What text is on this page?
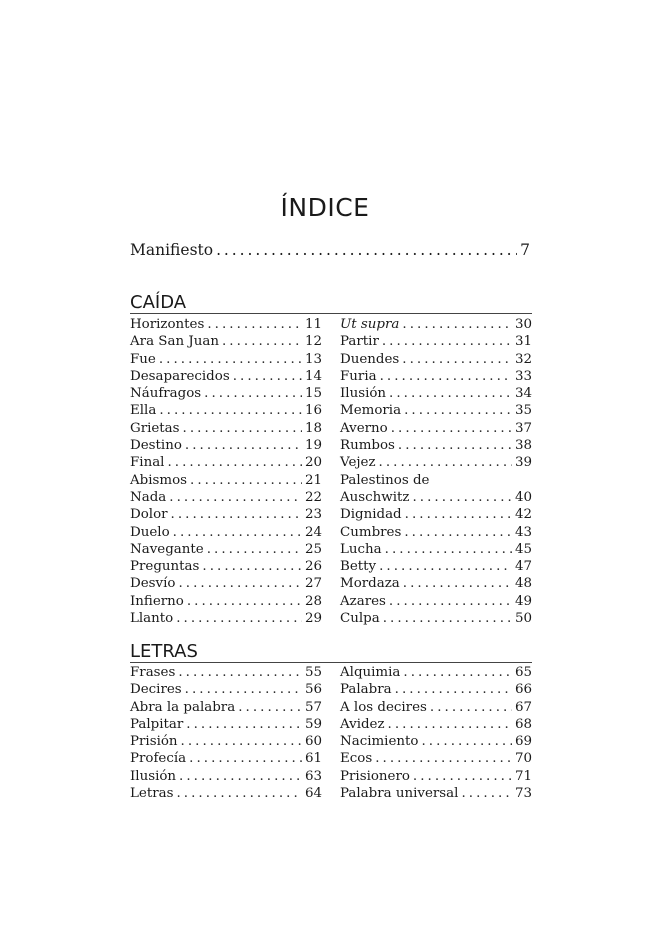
ÍNDICE
Manifiesto . . .	7
CAÍDA
Horizontes . . .	11
Ara San Juan . . .	12
Fue . . .	13
Desaparecidos . . .	14
Náufragos . . .	15
Ella . . .	16
Grietas . . .	18
Destino . . .	19
Final . . .	20
Abismos . . .	21
Nada . . .	22
Dolor . . .	23
Duelo . . .	24
Navegante . . .	25
Preguntas . . .	26
Desvío . . .	27
Infierno . . .	28
Llanto . . .	29
Ut supra . . .	30
Partir . . .	31
Duendes . . .	32
Furia . . .	33
Ilusión . . .	34
Memoria . . .	35
Averno . . .	37
Rumbos . . .	38
Vejez . . .	39
Palestinos de
Auschwitz . . .	40
Dignidad . . .	42
Cumbres . . .	43
Lucha . . .	45
Betty . . .	47
Mordaza . . .	48
Azares . . .	49
Culpa . . .	50
LETRAS
Frases . . .	55
Decires . . .	56
Abra la palabra . . .	57
Palpitar . . .	59
Prisión . . .	60
Profecía . . .	61
Ilusión . . .	63
Letras . . .	64
Alquimia . . .	65
Palabra . . .	66
A los decires . . .	67
Avidez . . .	68
Nacimiento . . .	69
Ecos . . .	70
Prisionero . . .	71
Palabra universal . . .	73
